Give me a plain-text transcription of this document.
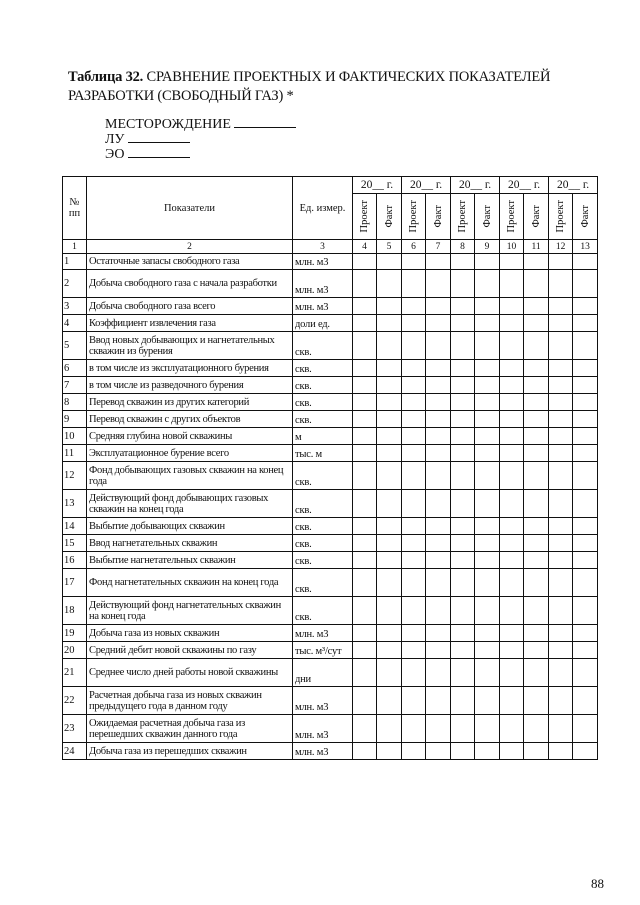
Таблица 32. СРАВНЕНИЕ ПРОЕКТНЫХ И ФАКТИЧЕСКИХ ПОКАЗАТЕЛЕЙ РАЗРАБОТКИ (СВОБОДНЫЙ ГАЗ) *
МЕСТОРОЖДЕНИЕ
ЛУ
ЭО
№ пп	Показатели	Ед. измер.	20__ г.		20__ г.		20__ г.		20__ г.		20__ г.	

			Проект	Факт	Проект	Факт	Проект	Факт	Проект	Факт	Проект	Факт

1	2	3	4	5	6	7	8	9	10	11	12	13
1	Остаточные запасы свободного газа	млн. м3										
2	Добыча свободного газа с начала разработки	млн. м3										
3	Добыча свободного газа всего	млн. м3										
4	Коэффициент извлечения газа	доли ед.										
5	Ввод новых добывающих и нагнетательных скважин из бурения	скв.										
6	в том числе из эксплуатационного бурения	скв.										
7	в том числе из разведочного бурения	скв.										
8	Перевод скважин из других категорий	скв.										
9	Перевод скважин с других объектов	скв.										
10	Средняя глубина новой скважины	м										
11	Эксплуатационное бурение всего	тыс. м										
12	Фонд добывающих газовых скважин на конец года	скв.										
13	Действующий фонд добывающих газовых скважин на конец года	скв.										
14	Выбытие добывающих скважин	скв.										
15	Ввод нагнетательных скважин	скв.										
16	Выбытие нагнетательных скважин	скв.										
17	Фонд нагнетательных скважин на конец года	скв.										
18	Действующий фонд нагнетательных скважин на конец года	скв.										
19	Добыча газа из новых скважин	млн. м3										
20	Средний дебит новой скважины по газу	тыс. м³/сут										
21	Среднее число дней работы новой скважины	дни										
22	Расчетная добыча газа из новых скважин предыдущего года в данном году	млн. м3										
23	Ожидаемая расчетная добыча газа из перешедших скважин данного года	млн. м3										
24	Добыча газа из перешедших скважин	млн. м3										
88
